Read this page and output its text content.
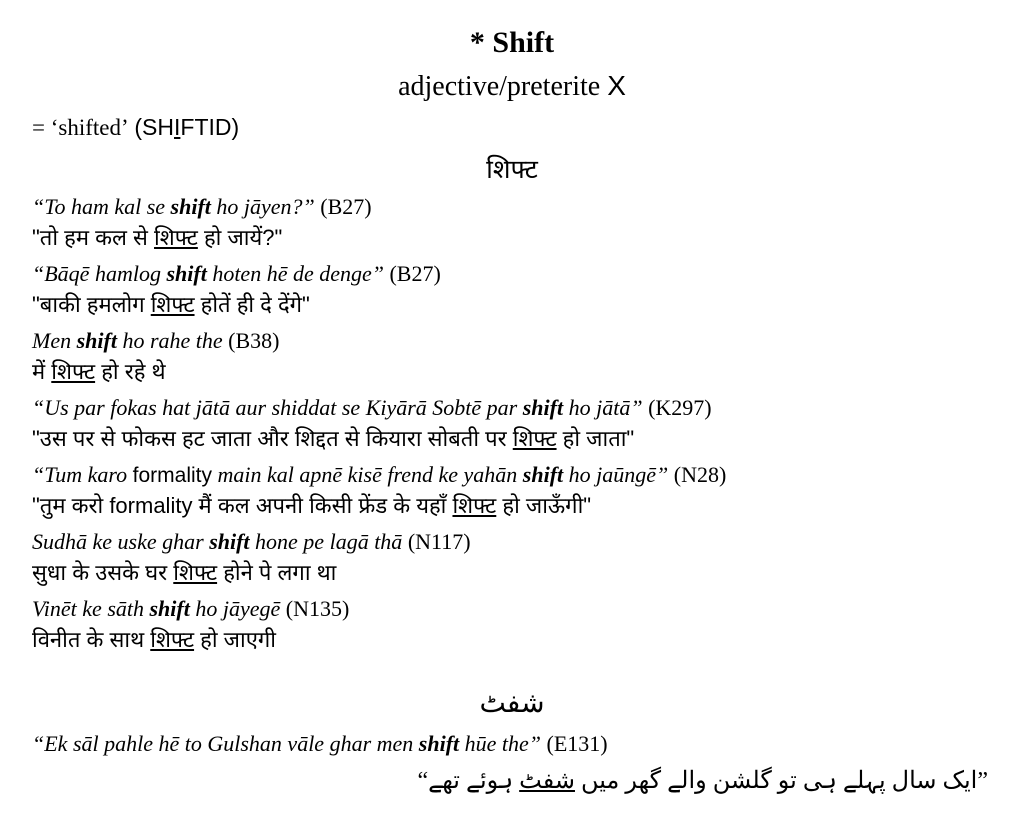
* Shift
adjective/preterite X
= ‘shifted’ (SHIFTID)
शिफ्ट
“To ham kal se shift ho jāyen?” (B27)
"तो हम कल से शिफ्ट हो जायें?"
“Bāqē hamlog shift hoten hē de denge” (B27)
"बाकी हमलोग शिफ्ट होतें ही दे देंगे"
Men shift ho rahe the (B38)
में शिफ्ट हो रहे थे
“Us par fokas hat jātā aur shiddat se Kiyārā Sobtē par shift ho jātā” (K297)
"उस पर से फोकस हट जाता और शिद्दत से कियारा सोबती पर शिफ्ट हो जाता"
“Tum karo formality main kal apnē kisē frend ke yahān shift ho jaūngē” (N28)
"तुम करो formality मैं कल अपनी किसी फ्रेंड के यहाँ शिफ्ट हो जाऊँगी"
Sudhā ke uske ghar shift hone pe lagā thā (N117)
सुधा के उसके घर शिफ्ट होने पे लगा था
Vinēt ke sāth shift ho jāyegē (N135)
विनीत के साथ शिफ्ट हो जाएगी
شفٹ
“Ek sāl pahle hē to Gulshan vāle ghar men shift hūe the” (E131)
”ایک سال پہلے ہی تو گلشن والے گھر میں شفٹ ہوئے تھے“
